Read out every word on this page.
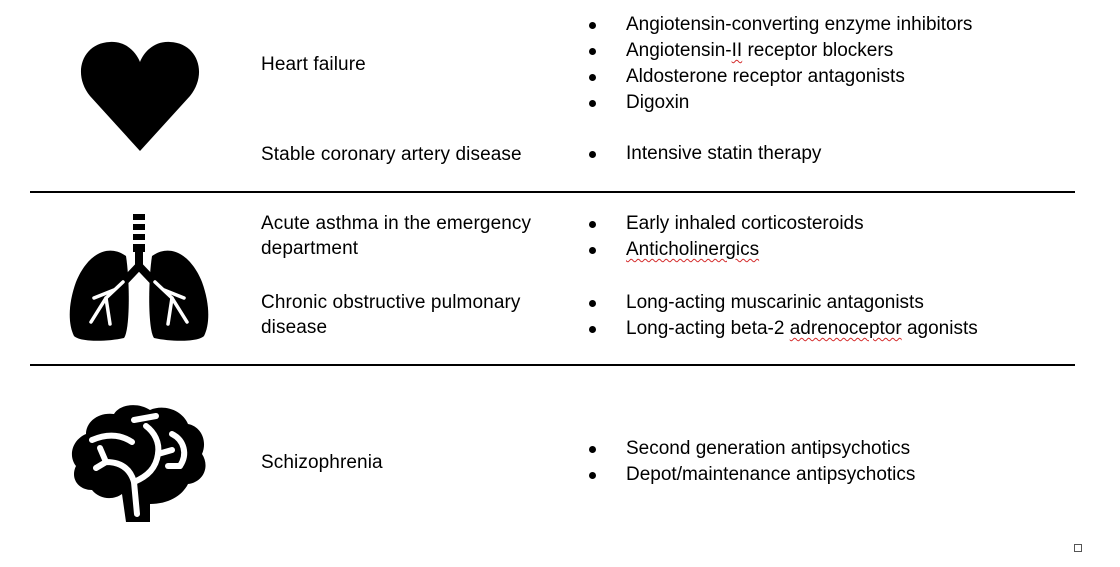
Heart failure
Angiotensin-converting enzyme inhibitors
Angiotensin-II receptor blockers
Aldosterone receptor antagonists
Digoxin
Stable coronary artery disease	Intensive statin therapy
Acute asthma in the emergency department
Early inhaled corticosteroids
Anticholinergics
Chronic obstructive pulmonary disease
Long-acting muscarinic antagonists
Long-acting beta-2 adrenoceptor agonists
Schizophrenia
Second generation antipsychotics
Depot/maintenance antipsychotics
